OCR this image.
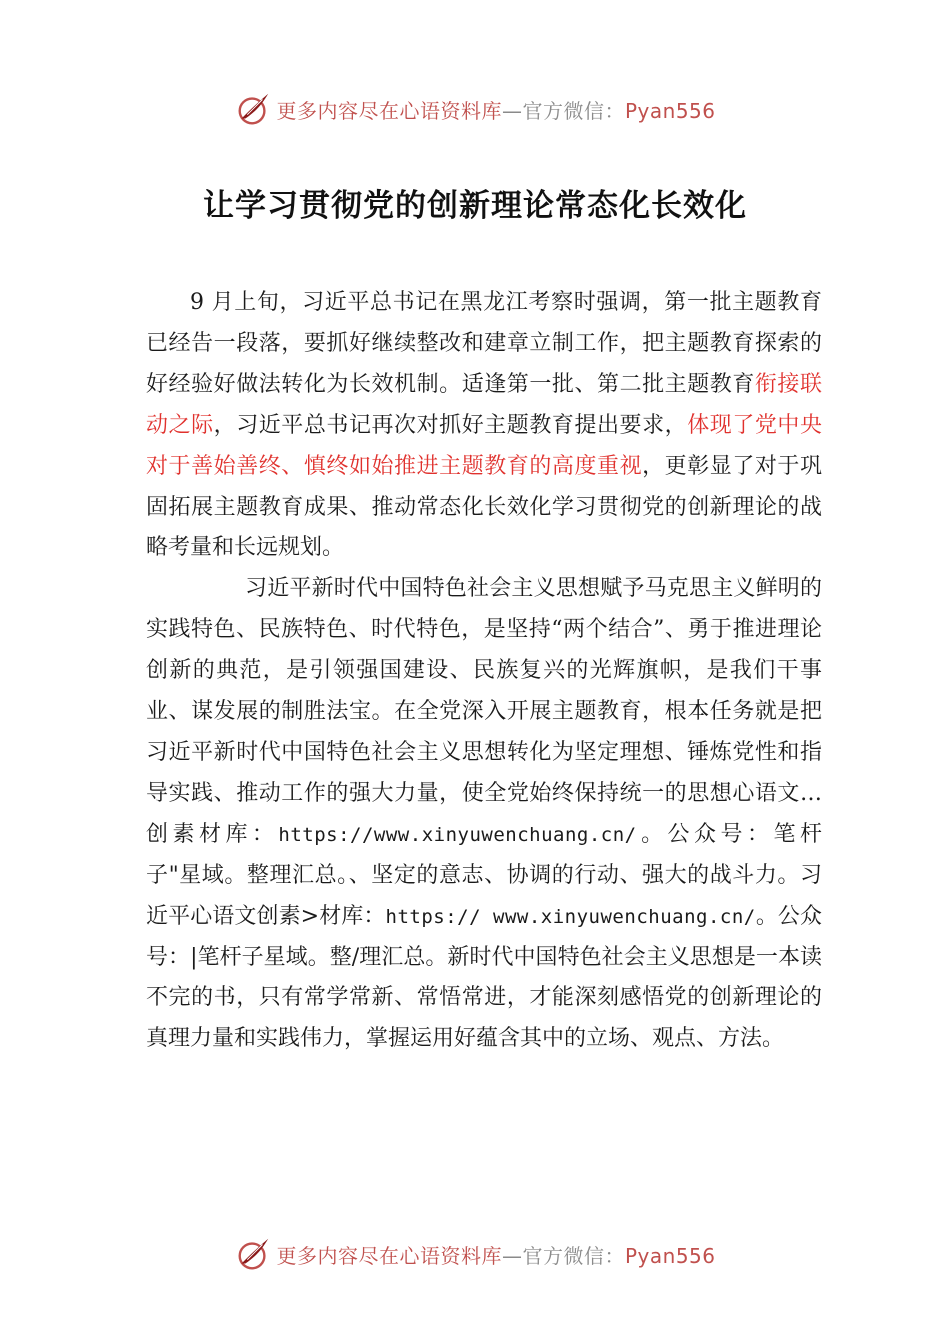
更多内容尽在心语资料库—官方微信：Pyan556
让学习贯彻党的创新理论常态化长效化

9 月上旬，习近平总书记在黑龙江考察时强调，第一批主题教育已经告一段落，要抓好继续整改和建章立制工作，把主题教育探索的好经验好做法转化为长效机制。适逢第一批、第二批主题教育衔接联动之际，习近平总书记再次对抓好主题教育提出要求，体现了党中央对于善始善终、慎终如始推进主题教育的高度重视，更彰显了对于巩固拓展主题教育成果、推动常态化长效化学习贯彻党的创新理论的战略考量和长远规划。

习近平新时代中国特色社会主义思想赋予马克思主义鲜明的实践特色、民族特色、时代特色，是坚持“两个结合”、勇于推进理论创新的典范，是引领强国建设、民族复兴的光辉旗帜，是我们干事业、谋发展的制胜法宝。在全党深入开展主题教育，根本任务就是把习近平新时代中国特色社会主义思想转化为坚定理想、锤炼党性和指导实践、推动工作的强大力量，使全党始终保持统一的思想心语文…创素材库：https://www.xinyuwenchuang.cn/。公众号：笔杆子"星域。整理汇总。、坚定的意志、协调的行动、强大的战斗力。习近平心语文创素>材库：https:// www.xinyuwenchuang.cn/。公众号：|笔杆子星域。整/理汇总。新时代中国特色社会主义思想是一本读不完的书，只有常学常新、常悟常进，才能深刻感悟党的创新理论的真理力量和实践伟力，掌握运用好蕴含其中的立场、观点、方法。

更多内容尽在心语资料库—官方微信：Pyan556
